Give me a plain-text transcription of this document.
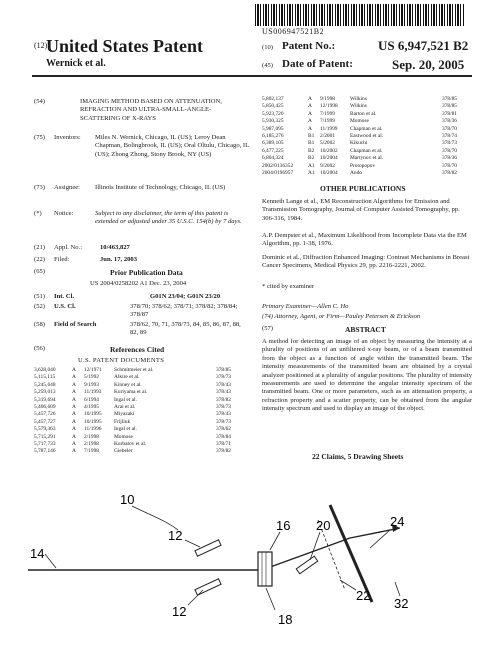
US006947521B2
(12)
United States Patent
Wernick et al.
(10) Patent No.:	US 6,947,521 B2
(45) Date of Patent:	Sep. 20, 2005
(54)	IMAGING METHOD BASED ON ATTENUATION, REFRACTION AND ULTRA-SMALL-ANGLE-SCATTERING OF X-RAYS
(75) Inventors: Miles N. Wernick, Chicago, IL (US); Leroy Dean Chapman, Bolingbrook, IL (US); Oral Oltulu, Chicago, IL (US); Zhong Zhong, Stony Brook, NY (US)
(73) Assignee: Illinois Institute of Technology, Chicago, IL (US)
(*) Notice:	Subject to any disclaimer, the term of this patent is extended or adjusted under 35 U.S.C. 154(b) by 7 days.
(21) Appl. No.:	10/463,827
(22) Filed:	Jun. 17, 2003
(65)	Prior Publication Data
US 2004/0258202 A1 Dec. 23, 2004
(51) Int. Cl.	G01N 23/04; G01N 23/20
(52) U.S. Cl.	378/70; 378/62; 378/71; 378/82; 378/84; 378/87
(58) Field of Search	378/62, 70, 71, 378/73, 84, 85, 86, 87, 88, 82, 89
(56)	References Cited
U.S. PATENT DOCUMENTS
3,628,040	A	12/1971	Schmitmeier et al.	378/85
5,115,115	A	5/1992	Alkire et al.	378/73
5,245,648	A	9/1993	Kinney et al.	378/43
5,259,013	A	11/1993	Kuriyama et al.	378/43
5,319,694	A	6/1994	Ingal et al.	378/82
5,406,609	A	4/1995	Arai et al.	378/73
5,457,726	A	10/1995	Miyazaki	378/43
5,457,727	A	10/1995	Frijlink	378/73
5,579,363	A	11/1996	Ingal et al.	378/62
5,715,291	A	2/1998	Momose	378/84
5,717,733	A	2/1998	Kurbatov et al.	378/71
5,787,146	A	7/1998	Giebeler	378/82
5,802,137	A	9/1998	Wilkins	378/85
5,850,425	A	12/1998	Wilkins	378/85
5,923,720	A	7/1999	Barton et al.	378/81
5,930,325	A	7/1999	Momose	378/36
5,987,095	A	11/1999	Chapman et al.	378/70
6,185,276	B1	2/2001	Eastwood et al.	378/74
6,389,105	B1	5/2002	Kikuchi	378/73
6,477,225	B2	10/2002	Chapman et al.	378/70
6,804,324	B2	10/2004	Martynov et al.	378/36
2002/0136352	A1	9/2002	Protopopov	378/70
2004/0196957	A1	10/2004	Ando	378/82
OTHER PUBLICATIONS
Kenneth Lange et al., EM Reconstruction Algorithms for Emission and Transmission Tomography, Journal of Computer Assisted Tomography, pp. 306-316, 1984.
A.P. Dempster et al., Maximum Likelihood from Incomplete Data via the EM Algorithm, pp. 1-38, 1976.
Dominic et al., Diffraction Enhanced Imaging: Contrast Mechanisms in Breast Cancer Specimens, Medical Physics 29, pp. 2216-2221, 2002.
* cited by examiner
Primary Examiner—Allen C. Ho
(74) Attorney, Agent, or Firm—Pauley Petersen & Erickson
(57)	ABSTRACT
A method for detecting an image of an object by measuring the intensity at a plurality of positions of an unfiltered x-ray beam, or of a beam transmitted from the object as a function of angle within the transmitted beam. The intensity measurements of the transmitted beam are obtained by a crystal analyzer positioned at a plurality of angular positions. The plurality of intensity measurements are used to determine the angular intensity spectrum of the transmitted beam. One or more parameters, such as an attenuation property, a refraction property and a scatter property, can be obtained from the angular intensity spectrum and used to display an image of the object.
22 Claims, 5 Drawing Sheets
10
14
12
12
16 20
18
24
22
32
